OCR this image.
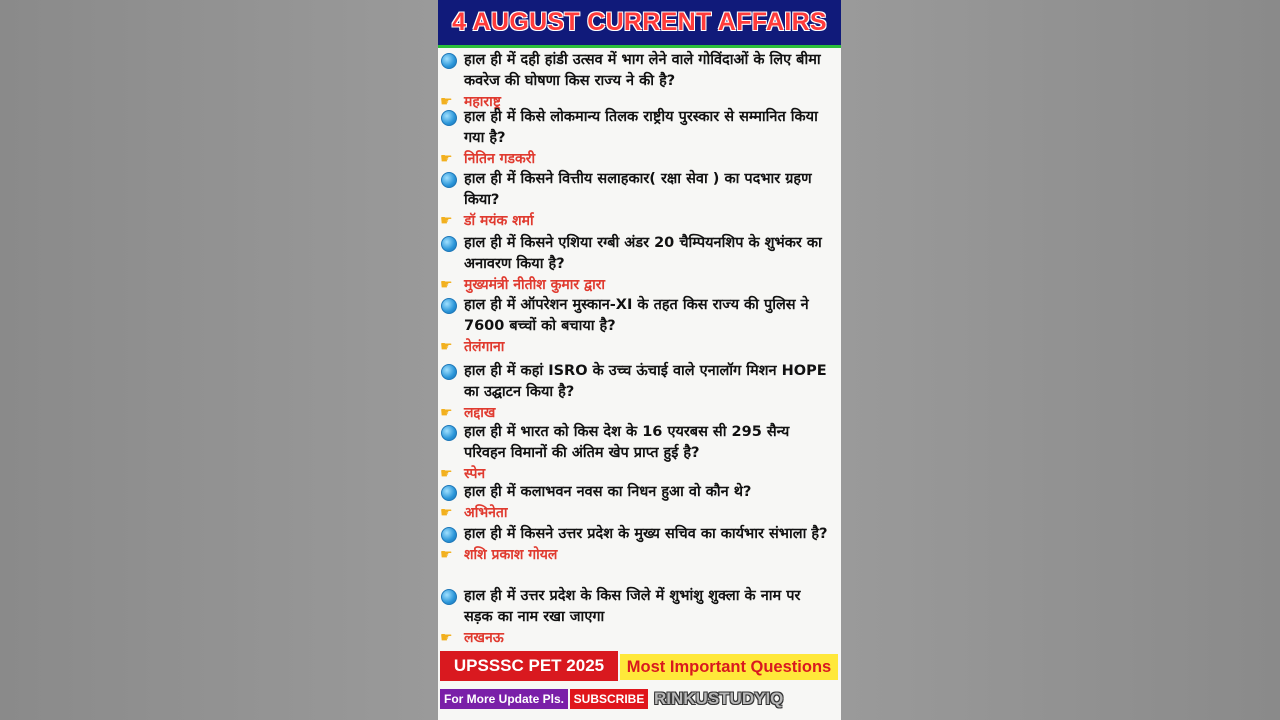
4 AUGUST CURRENT AFFAIRS
हाल ही में दही हांडी उत्सव में भाग लेने वाले गोविंदाओं के लिए बीमा कवरेज की घोषणा किस राज्य ने की है?
☛ महाराष्ट्र
हाल ही में किसे लोकमान्य तिलक राष्ट्रीय पुरस्कार से सम्मानित किया गया है?
☛ नितिन गडकरी
हाल ही में किसने वित्तीय सलाहकार( रक्षा सेवा ) का पदभार ग्रहण किया?
☛ डॉ मयंक शर्मा
हाल ही में किसने एशिया रग्बी अंडर 20 चैम्पियनशिप के शुभंकर का अनावरण किया है?
☛ मुख्यमंत्री नीतीश कुमार द्वारा
हाल ही में ऑपरेशन मुस्कान-XI के तहत किस राज्य की पुलिस ने 7600 बच्चों को बचाया है?
☛ तेलंगाना
हाल ही में कहां ISRO के उच्च ऊंचाई वाले एनालॉग मिशन HOPE का उद्घाटन किया है?
☛ लद्दाख
हाल ही में भारत को किस देश के 16 एयरबस सी 295 सैन्य परिवहन विमानों की अंतिम खेप प्राप्त हुई है?
☛ स्पेन
हाल ही में कलाभवन नवस का निधन हुआ वो कौन थे?
☛ अभिनेता
हाल ही में किसने उत्तर प्रदेश के मुख्य सचिव का कार्यभार संभाला है?
☛ शशि प्रकाश गोयल
हाल ही में उत्तर प्रदेश के किस जिले में शुभांशु शुक्ला के नाम पर सड़क का नाम रखा जाएगा
☛ लखनऊ
UPSSSC PET 2025	Most Important Questions
For More Update Pls. SUBSCRIBE RINKUSTUDYIQ
